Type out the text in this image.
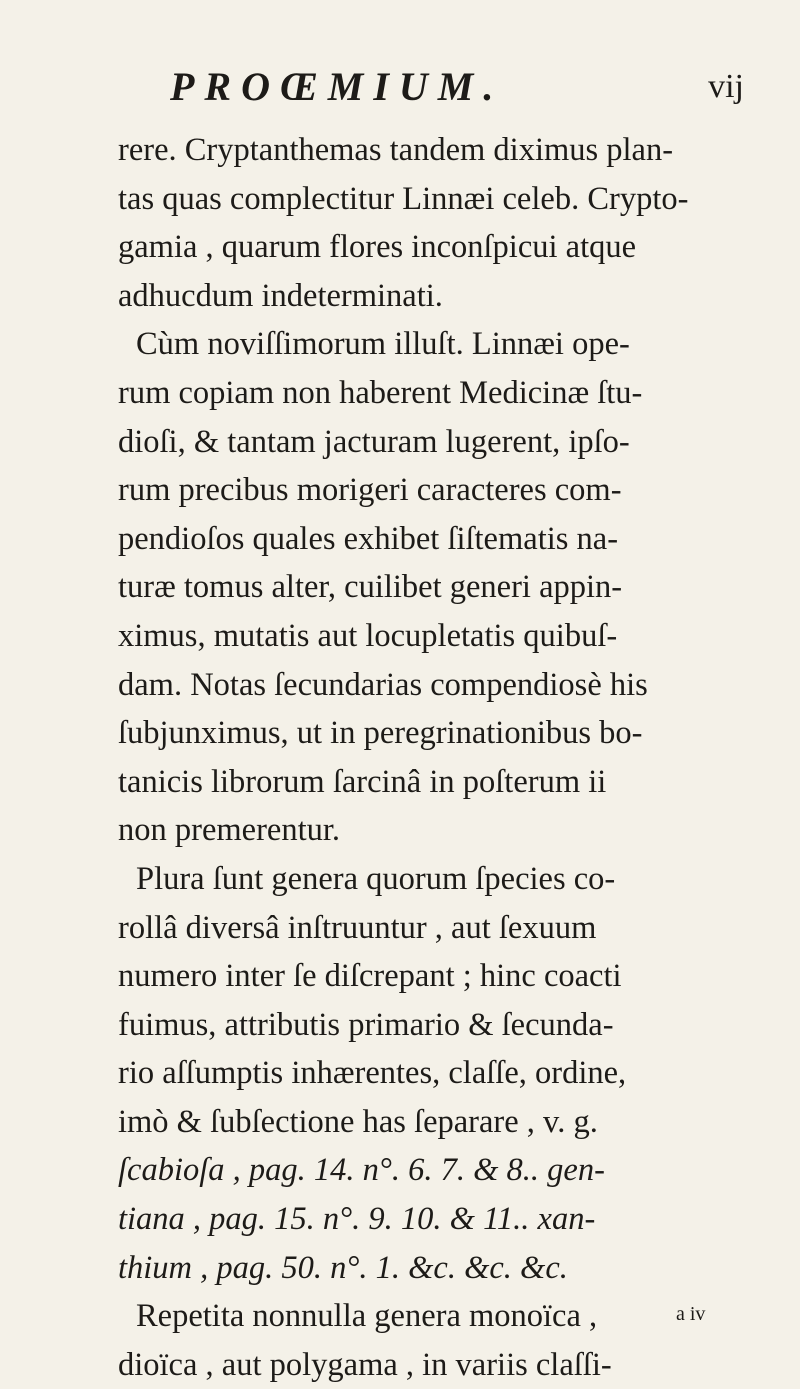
PROŒMIUM.	vij
rere. Cryptanthemas tandem diximus plan-
tas quas complectitur Linnæi celeb. Crypto-
gamia , quarum flores inconſpicui atque
adhucdum indeterminati.
Cùm noviſſimorum illuſt. Linnæi ope-
rum copiam non haberent Medicinæ ſtu-
dioſi, & tantam jacturam lugerent, ipſo-
rum precibus morigeri caracteres com-
pendioſos quales exhibet ſiſtematis na-
turæ tomus alter, cuilibet generi appin-
ximus, mutatis aut locupletatis quibuſ-
dam. Notas ſecundarias compendiosè his
ſubjunximus, ut in peregrinationibus bo-
tanicis librorum ſarcinâ in poſterum ii
non premerentur.
Plura ſunt genera quorum ſpecies co-
rollâ diversâ inſtruuntur , aut ſexuum
numero inter ſe diſcrepant ; hinc coacti
fuimus, attributis primario & ſecunda-
rio aſſumptis inhærentes, claſſe, ordine,
imò & ſubſectione has ſeparare , v. g.
ſcabioſa , pag. 14. n°. 6. 7. & 8.. gen-
tiana , pag. 15. n°. 9. 10. & 11.. xan-
thium , pag. 50. n°. 1. &c. &c. &c.
Repetita nonnulla genera monoïca ,
dioïca , aut polygama , in variis claſſi-
a iv
